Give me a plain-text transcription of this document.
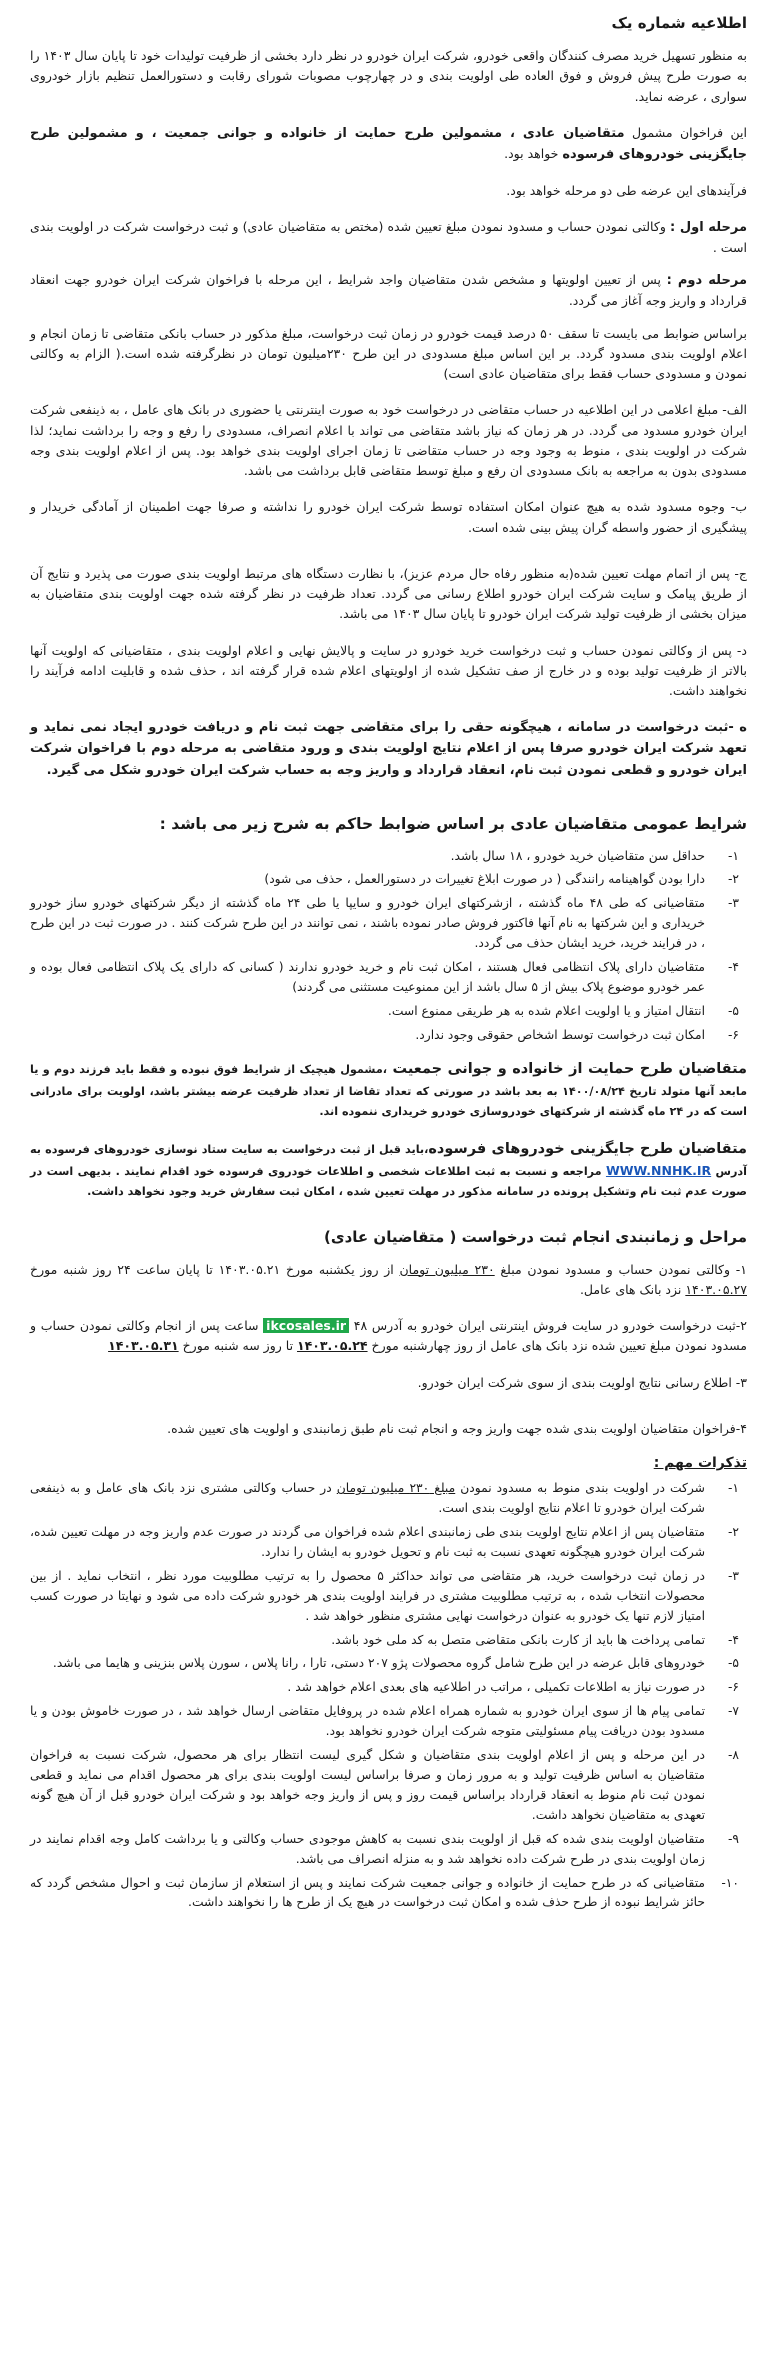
اطلاعیه شماره یک

به منظور تسهیل خرید مصرف کنندگان واقعی خودرو، شرکت ایران خودرو در نظر دارد بخشی از ظرفیت تولیدات خود تا پایان سال ۱۴۰۳ را به صورت طرح پیش فروش و فوق العاده طی اولویت بندی و در چهارچوب مصوبات شورای رقابت و دستورالعمل تنظیم بازار خودروی سواری ، عرضه نماید.

این فراخوان مشمول متقاضیان عادی ، مشمولین طرح حمایت از خانواده و جوانی جمعیت ، و مشمولین طرح جایگزینی خودروهای فرسوده خواهد بود.

فرآیندهای این عرضه طی دو مرحله خواهد بود.

مرحله اول : وکالتی نمودن حساب و مسدود نمودن مبلغ تعیین شده (مختص به متقاضیان عادی) و ثبت درخواست شرکت در اولویت بندی است .

مرحله دوم : پس از تعیین اولویتها و مشخص شدن متقاضیان واجد شرایط ، این مرحله با فراخوان شرکت ایران خودرو جهت انعقاد قرارداد و واریز وجه آغاز می گردد.

براساس ضوابط می بایست تا سقف ۵۰ درصد قیمت خودرو در زمان ثبت درخواست، مبلغ مذکور در حساب بانکی متقاضی تا زمان انجام و اعلام اولویت بندی مسدود گردد. بر این اساس مبلغ مسدودی در این طرح ۲۳۰میلیون تومان در نظرگرفته شده است.( الزام به وکالتی نمودن و مسدودی حساب فقط برای متقاضیان عادی است)

الف- مبلغ اعلامی در این اطلاعیه در حساب متقاضی در درخواست خود به صورت اینترنتی یا حضوری در بانک های عامل ، به ذینفعی شرکت ایران خودرو مسدود می گردد. در هر زمان که نیاز باشد متقاضی می تواند با اعلام انصراف، مسدودی را رفع و وجه را برداشت نماید؛ لذا شرکت در اولویت بندی ، منوط به وجود وجه در حساب متقاضی تا زمان اجرای اولویت بندی خواهد بود. پس از اعلام اولویت بندی وجه مسدودی بدون به مراجعه به بانک مسدودی ان رفع و مبلغ توسط متقاضی قابل برداشت می باشد.

ب- وجوه مسدود شده به هیچ عنوان امکان استفاده توسط شرکت ایران خودرو را نداشته و صرفا جهت اطمینان از آمادگی خریدار و پیشگیری از حضور واسطه گران پیش بینی شده است.

ج- پس از اتمام مهلت تعیین شده(به منظور رفاه حال مردم عزیز)، با نظارت دستگاه های مرتبط اولویت بندی صورت می پذیرد و نتایج آن از طریق پیامک و سایت شرکت ایران خودرو اطلاع رسانی می گردد. تعداد ظرفیت در نظر گرفته شده جهت اولویت بندی متقاضیان به میزان بخشی از ظرفیت تولید شرکت ایران خودرو تا پایان سال ۱۴۰۳ می باشد.

د- پس از وکالتی نمودن حساب و ثبت درخواست خرید خودرو در سایت و پالایش نهایی و اعلام اولویت بندی ، متقاضیانی که اولویت آنها بالاتر از ظرفیت تولید بوده و در خارج از صف تشکیل شده از اولویتهای اعلام شده قرار گرفته اند ، حذف شده و قابلیت ادامه فرآیند را نخواهند داشت.

ه -ثبت درخواست در سامانه ، هیچگونه حقی را برای متقاضی جهت ثبت نام و دریافت خودرو ایجاد نمی نماید و تعهد شرکت ایران خودرو صرفا پس از اعلام نتایج اولویت بندی و ورود متقاضی به مرحله دوم با فراخوان شرکت ایران خودرو و قطعی نمودن ثبت نام، انعقاد قرارداد و واریز وجه به حساب شرکت ایران خودرو شکل می گیرد.

شرایط عمومی متقاضیان عادی بر اساس ضوابط حاکم به شرح زیر می باشد :
۱-
حداقل سن متقاضیان خرید خودرو ، ۱۸ سال باشد.
۲-
دارا بودن گواهینامه رانندگی ( در صورت ابلاغ تغییرات در دستورالعمل ، حذف می شود)
۳-
متقاضیانی که طی ۴۸ ماه گذشته ، ازشرکتهای ایران خودرو و سایپا یا طی ۲۴ ماه گذشته از دیگر شرکتهای خودرو ساز خودرو خریداری و این شرکتها به نام آنها فاکتور فروش صادر نموده باشند ، نمی توانند در این طرح شرکت کنند . در صورت ثبت در این طرح ، در فرایند خرید، خرید ایشان حذف می گردد.
۴-
متقاضیان دارای پلاک انتظامی فعال هستند ، امکان ثبت نام و خرید خودرو ندارند ( کسانی که دارای یک پلاک انتظامی فعال بوده و عمر خودرو موضوع پلاک بیش از ۵ سال باشد از این ممنوعیت مستثنی می گردند)
۵-
انتقال امتیاز و یا اولویت اعلام شده به هر طریقی ممنوع است.
۶-
امکان ثبت درخواست توسط اشخاص حقوقی وجود ندارد.

متقاضیان طرح حمایت از خانواده و جوانی جمعیت ،مشمول هیچیک از شرایط فوق نبوده و فقط باید فرزند دوم و یا مابعد آنها متولد تاریخ ۱۴۰۰/۰۸/۲۴ به بعد باشد در صورتی که تعداد تقاضا از تعداد ظرفیت عرضه بیشتر باشد، اولویت برای مادرانی است که در ۲۴ ماه گذشته از شرکتهای خودروسازی خودرو خریداری ننموده اند.

متقاضیان طرح جایگزینی خودروهای فرسوده،باید قبل از ثبت درخواست به سایت ستاد نوسازی خودروهای فرسوده به آدرس WWW.NNHK.IR مراجعه و نسبت به ثبت اطلاعات شخصی و اطلاعات خودروی فرسوده خود اقدام نمایند . بدیهی است در صورت عدم ثبت نام وتشکیل پرونده در سامانه مذکور در مهلت تعیین شده ، امکان ثبت سفارش خرید وجود نخواهد داشت.

مراحل و زمانبندی انجام ثبت درخواست ( متقاضیان عادی)

۱- وکالتی نمودن حساب و مسدود نمودن مبلغ ۲۳۰ میلیون تومان از روز یکشنبه مورخ ۱۴۰۳.۰۵.۲۱ تا پایان ساعت ۲۴ روز شنبه مورخ ۱۴۰۳.۰۵.۲۷ نزد بانک های عامل.

۲-ثبت درخواست خودرو در سایت فروش اینترنتی ایران خودرو به آدرس ikcosales.ir ۴۸ ساعت پس از انجام وکالتی نمودن حساب و مسدود نمودن مبلغ تعیین شده نزد بانک های عامل از روز چهارشنبه مورخ ۱۴۰۳.۰۵.۲۴ تا روز سه شنبه مورخ ۱۴۰۳.۰۵.۳۱

۳- اطلاع رسانی نتایج اولویت بندی از سوی شرکت ایران خودرو.

۴-فراخوان متقاضیان اولویت بندی شده جهت واریز وجه و انجام ثبت نام طبق زمانبندی و اولویت های تعیین شده.

تذکرات مهم :
۱-
شرکت در اولویت بندی منوط به مسدود نمودن مبلغ ۲۳۰ میلیون تومان در حساب وکالتی مشتری نزد بانک های عامل و به ذینفعی شرکت ایران خودرو تا اعلام نتایج اولویت بندی است.
۲-
متقاضیان پس از اعلام نتایج اولویت بندی طی زمانبندی اعلام شده فراخوان می گردند در صورت عدم واریز وجه در مهلت تعیین شده، شرکت ایران خودرو هیچگونه تعهدی نسبت به ثبت نام و تحویل خودرو به ایشان را ندارد.
۳-
در زمان ثبت درخواست خرید، هر متقاضی می تواند حداکثر ۵ محصول را به ترتیب مطلوبیت مورد نظر ، انتخاب نماید . از بین محصولات انتخاب شده ، به ترتیب مطلوبیت مشتری در فرایند اولویت بندی هر خودرو شرکت داده می شود و نهایتا در صورت کسب امتیاز لازم تنها یک خودرو به عنوان درخواست نهایی مشتری منظور خواهد شد .
۴-
تمامی پرداخت ها باید از کارت بانکی متقاضی متصل به کد ملی خود باشد.
۵-
خودروهای قابل عرضه در این طرح شامل گروه محصولات پژو ۲۰۷ دستی، تارا ، رانا پلاس ، سورن پلاس بنزینی و هایما می باشد.
۶-
در صورت نیاز به اطلاعات تکمیلی ، مراتب در اطلاعیه های بعدی اعلام خواهد شد .
۷-
تمامی پیام ها از سوی ایران خودرو به شماره همراه اعلام شده در پروفایل متقاضی ارسال خواهد شد ، در صورت خاموش بودن و یا مسدود بودن دریافت پیام مسئولیتی متوجه شرکت ایران خودرو نخواهد بود.
۸-
در این مرحله و پس از اعلام اولویت بندی متقاضیان و شکل گیری لیست انتظار برای هر محصول، شرکت نسبت به فراخوان متقاضیان به اساس ظرفیت تولید و به مرور زمان و صرفا براساس لیست اولویت بندی برای هر محصول اقدام می نماید و قطعی نمودن ثبت نام منوط به انعقاد قرارداد براساس قیمت روز و پس از واریز وجه خواهد بود و شرکت ایران خودرو قبل از آن هیچ گونه تعهدی به متقاضیان نخواهد داشت.
۹-
متقاضیان اولویت بندی شده که قبل از اولویت بندی نسبت به کاهش موجودی حساب وکالتی و یا برداشت کامل وجه اقدام نمایند در زمان اولویت بندی در طرح شرکت داده نخواهد شد و به منزله انصراف می باشد.
۱۰-
متقاضیانی که در طرح حمایت از خانواده و جوانی جمعیت شرکت نمایند و پس از استعلام از سازمان ثبت و احوال مشخص گردد که حائز شرایط نبوده از طرح حذف شده و امکان ثبت درخواست در هیچ یک از طرح ها را نخواهند داشت.
